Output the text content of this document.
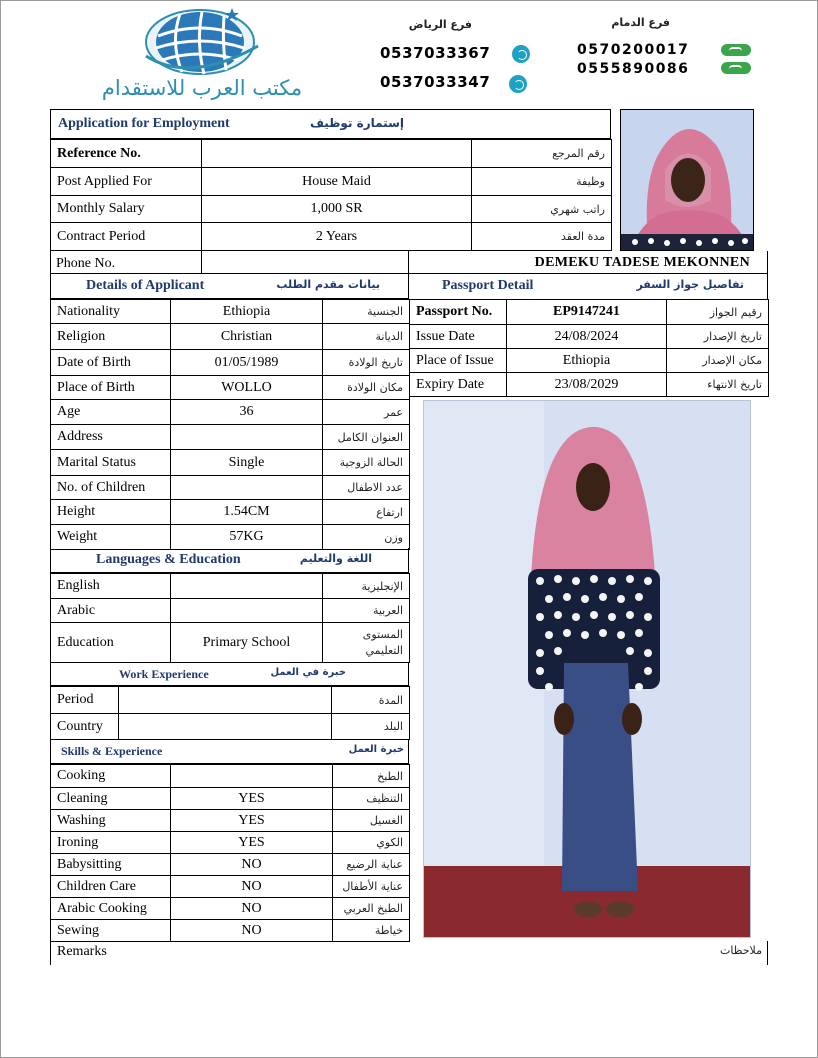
مكتب العرب للاستقدام
فرع الرياض
0537033367
0537033347
فرع الدمام
0570200017
0555890086
Application for Employment	إستمارة توظيف
Reference No.		رقم المرجع
Post Applied For	House Maid	وظيفة
Monthly Salary	1,000 SR	راتب شهري
Contract Period	2 Years	مدة العقد
Phone No.	DEMEKU TADESE MEKONNEN
Details of Applicant	بيانات مقدم الطلب
Nationality	Ethiopia	الجنسية
Religion	Christian	الديانة
Date of Birth	01/05/1989	تاريخ الولادة
Place of Birth	WOLLO	مكان الولادة
Age	36	عمر
Address		العنوان الكامل
Marital Status	Single	الحالة الزوجية
No. of Children		عدد الاطفال
Height	1.54CM	ارتفاع
Weight	57KG	وزن
Languages & Education	اللغة والتعليم
English		الإنجليزية
Arabic		العربية
Education	Primary School	المستوى التعليمي
Work Experience	خبرة في العمل
Period		المدة
Country		البلد
Skills & Experience	خبرة العمل
Cooking		الطبخ
Cleaning	YES	التنظيف
Washing	YES	الغسيل
Ironing	YES	الكوي
Babysitting	NO	عناية الرضيع
Children Care	NO	عناية الأطفال
Arabic Cooking	NO	الطبخ العربي
Sewing	NO	خياطة
Remarks	ملاحظات
Passport Detail	تفاصيل جواز السفر
Passport No.	EP9147241	رقيم الجواز
Issue Date	24/08/2024	تاريخ الإصدار
Place of Issue	Ethiopia	مكان الإصدار
Expiry Date	23/08/2029	تاريخ الانتهاء
